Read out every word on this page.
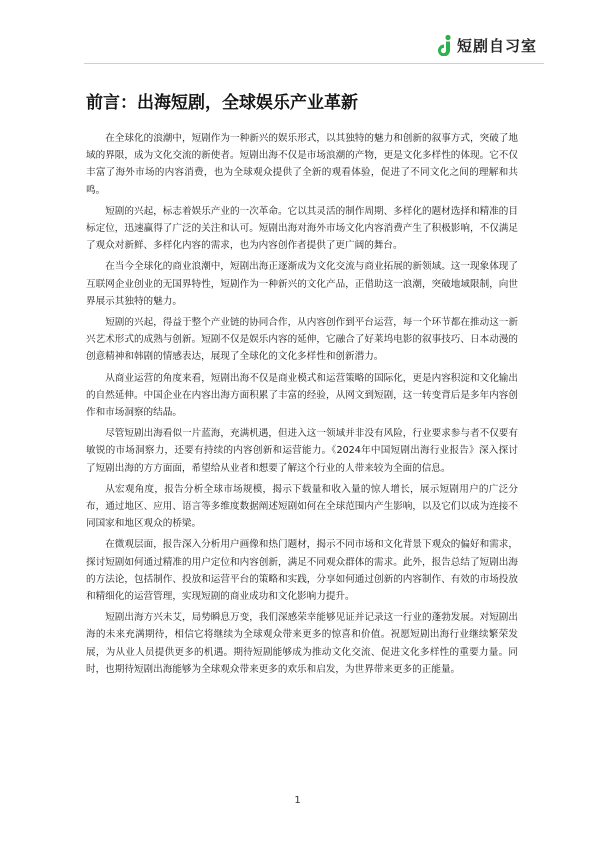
短剧自习室
前言：出海短剧，全球娱乐产业革新

在全球化的浪潮中，短剧作为一种新兴的娱乐形式，以其独特的魅力和创新的叙事方式，突破了地域的界限，成为文化交流的新使者。短剧出海不仅是市场浪潮的产物，更是文化多样性的体现。它不仅丰富了海外市场的内容消费，也为全球观众提供了全新的观看体验，促进了不同文化之间的理解和共鸣。

短剧的兴起，标志着娱乐产业的一次革命。它以其灵活的制作周期、多样化的题材选择和精准的目标定位，迅速赢得了广泛的关注和认可。短剧出海对海外市场文化内容消费产生了积极影响，不仅满足了观众对新鲜、多样化内容的需求，也为内容创作者提供了更广阔的舞台。

在当今全球化的商业浪潮中，短剧出海正逐渐成为文化交流与商业拓展的新领域。这一现象体现了互联网企业创业的无国界特性，短剧作为一种新兴的文化产品，正借助这一浪潮，突破地域限制，向世界展示其独特的魅力。

短剧的兴起，得益于整个产业链的协同合作，从内容创作到平台运营，每一个环节都在推动这一新兴艺术形式的成熟与创新。短剧不仅是娱乐内容的延伸，它融合了好莱坞电影的叙事技巧、日本动漫的创意精神和韩剧的情感表达，展现了全球化的文化多样性和创新潜力。

从商业运营的角度来看，短剧出海不仅是商业模式和运营策略的国际化，更是内容积淀和文化输出的自然延伸。中国企业在内容出海方面积累了丰富的经验，从网文到短剧，这一转变背后是多年内容创作和市场洞察的结晶。

尽管短剧出海看似一片蓝海，充满机遇，但进入这一领域并非没有风险，行业要求参与者不仅要有敏锐的市场洞察力，还要有持续的内容创新和运营能力。《2024年中国短剧出海行业报告》深入探讨了短剧出海的方方面面，希望给从业者和想要了解这个行业的人带来较为全面的信息。

从宏观角度，报告分析全球市场规模，揭示下载量和收入量的惊人增长，展示短剧用户的广泛分布，通过地区、应用、语言等多维度数据阐述短剧如何在全球范围内产生影响，以及它们以成为连接不同国家和地区观众的桥梁。

在微观层面，报告深入分析用户画像和热门题材，揭示不同市场和文化背景下观众的偏好和需求，探讨短剧如何通过精准的用户定位和内容创新，满足不同观众群体的需求。此外，报告总结了短剧出海的方法论，包括制作、投放和运营平台的策略和实践，分享如何通过创新的内容制作、有效的市场投放和精细化的运营管理，实现短剧的商业成功和文化影响力提升。

短剧出海方兴未艾，局势瞬息万变，我们深感荣幸能够见证并记录这一行业的蓬勃发展。对短剧出海的未来充满期待，相信它将继续为全球观众带来更多的惊喜和价值。祝愿短剧出海行业继续繁荣发展，为从业人员提供更多的机遇。期待短剧能够成为推动文化交流、促进文化多样性的重要力量。同时，也期待短剧出海能够为全球观众带来更多的欢乐和启发，为世界带来更多的正能量。

1
